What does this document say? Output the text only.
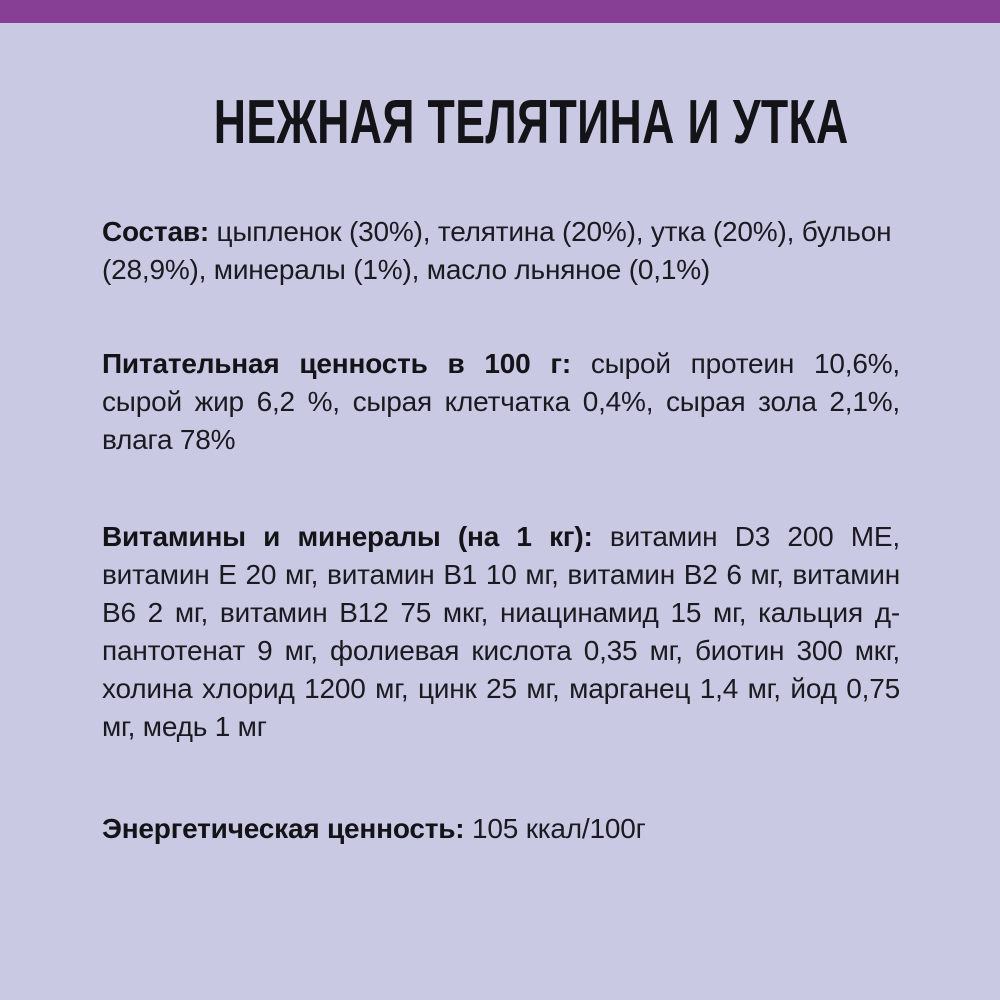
НЕЖНАЯ ТЕЛЯТИНА И УТКА

Состав: цыпленок (30%), телятина (20%), утка (20%), бульон (28,9%), минералы (1%), масло льняное (0,1%)

Питательная ценность в 100 г: сырой протеин 10,6%, сырой жир 6,2 %, сырая клетчатка 0,4%, сырая зола 2,1%, влага 78%

Витамины и минералы (на 1 кг): витамин D3 200 МЕ, витамин Е 20 мг, витамин В1 10 мг, витамин В2 6 мг, витамин В6 2 мг, витамин В12 75 мкг, ниацинамид 15 мг, кальция д-пантотенат 9 мг, фолиевая кислота 0,35 мг, биотин 300 мкг, холина хлорид 1200 мг, цинк 25 мг, марганец 1,4 мг, йод 0,75 мг, медь 1 мг

Энергетическая ценность: 105 ккал/100г
